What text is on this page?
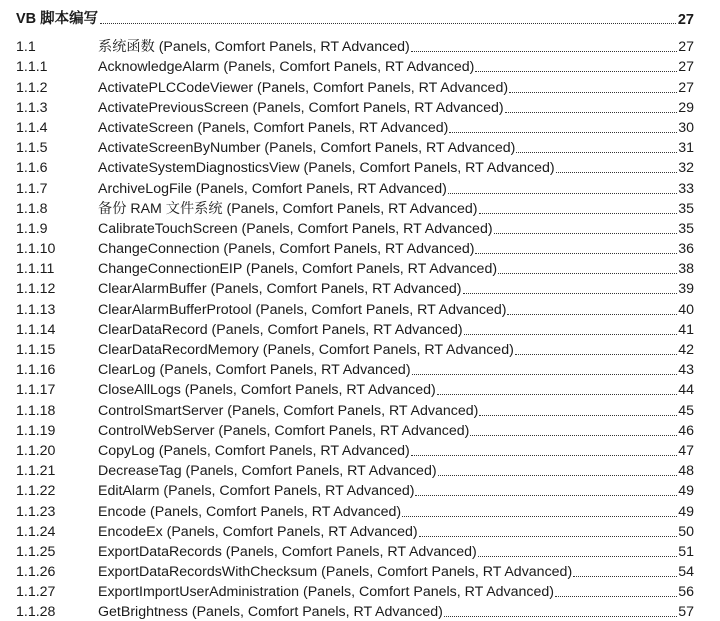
VB 脚本编写	27
1.1	系统函数 (Panels, Comfort Panels, RT Advanced)	27
1.1.1	AcknowledgeAlarm (Panels, Comfort Panels, RT Advanced)	27
1.1.2	ActivatePLCCodeViewer (Panels, Comfort Panels, RT Advanced)	27
1.1.3	ActivatePreviousScreen (Panels, Comfort Panels, RT Advanced)	29
1.1.4	ActivateScreen (Panels, Comfort Panels, RT Advanced)	30
1.1.5	ActivateScreenByNumber (Panels, Comfort Panels, RT Advanced)	31
1.1.6	ActivateSystemDiagnosticsView (Panels, Comfort Panels, RT Advanced)	32
1.1.7	ArchiveLogFile (Panels, Comfort Panels, RT Advanced)	33
1.1.8	备份 RAM 文件系统 (Panels, Comfort Panels, RT Advanced)	35
1.1.9	CalibrateTouchScreen (Panels, Comfort Panels, RT Advanced)	35
1.1.10	ChangeConnection (Panels, Comfort Panels, RT Advanced)	36
1.1.11	ChangeConnectionEIP (Panels, Comfort Panels, RT Advanced)	38
1.1.12	ClearAlarmBuffer (Panels, Comfort Panels, RT Advanced)	39
1.1.13	ClearAlarmBufferProtool (Panels, Comfort Panels, RT Advanced)	40
1.1.14	ClearDataRecord (Panels, Comfort Panels, RT Advanced)	41
1.1.15	ClearDataRecordMemory (Panels, Comfort Panels, RT Advanced)	42
1.1.16	ClearLog (Panels, Comfort Panels, RT Advanced)	43
1.1.17	CloseAllLogs (Panels, Comfort Panels, RT Advanced)	44
1.1.18	ControlSmartServer (Panels, Comfort Panels, RT Advanced)	45
1.1.19	ControlWebServer (Panels, Comfort Panels, RT Advanced)	46
1.1.20	CopyLog (Panels, Comfort Panels, RT Advanced)	47
1.1.21	DecreaseTag (Panels, Comfort Panels, RT Advanced)	48
1.1.22	EditAlarm (Panels, Comfort Panels, RT Advanced)	49
1.1.23	Encode (Panels, Comfort Panels, RT Advanced)	49
1.1.24	EncodeEx (Panels, Comfort Panels, RT Advanced)	50
1.1.25	ExportDataRecords (Panels, Comfort Panels, RT Advanced)	51
1.1.26	ExportDataRecordsWithChecksum (Panels, Comfort Panels, RT Advanced)	54
1.1.27	ExportImportUserAdministration (Panels, Comfort Panels, RT Advanced)	56
1.1.28	GetBrightness (Panels, Comfort Panels, RT Advanced)	57
